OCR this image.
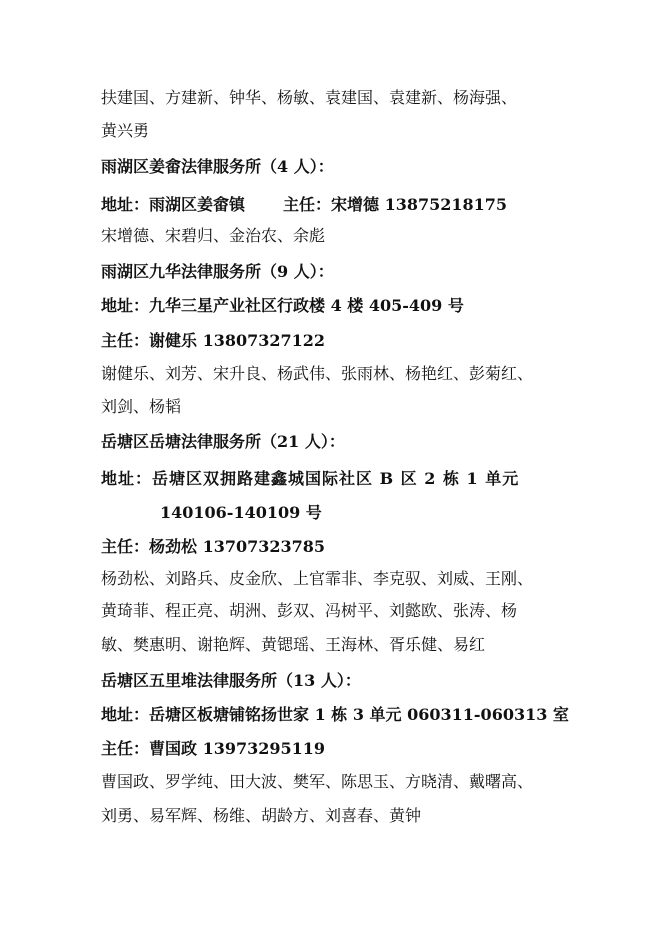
扶建国、方建新、钟华、杨敏、袁建国、袁建新、杨海强、
黄兴勇
雨湖区姜畲法律服务所（4 人）：
地址：雨湖区姜畲镇 主任：宋增德 13875218175
宋增德、宋碧归、金治农、余彪
雨湖区九华法律服务所（9 人）：
地址：九华三星产业社区行政楼 4 楼 405-409 号
主任：谢健乐 13807327122
谢健乐、刘芳、宋升良、杨武伟、张雨林、杨艳红、彭菊红、
刘剑、杨韬
岳塘区岳塘法律服务所（21 人）：
地址：岳塘区双拥路建鑫城国际社区 B 区 2 栋 1 单元
140106-140109 号
主任：杨劲松 13707323785
杨劲松、刘路兵、皮金欣、上官霏非、李克驭、刘威、王刚、
黄琦菲、程正亮、胡洲、彭双、冯树平、刘懿欧、张涛、杨
敏、樊惠明、谢艳辉、黄锶瑶、王海林、胥乐健、易红
岳塘区五里堆法律服务所（13 人）：
地址：岳塘区板塘铺铭扬世家 1 栋 3 单元 060311-060313 室
主任：曹国政 13973295119
曹国政、罗学纯、田大波、樊军、陈思玉、方晓清、戴曙高、
刘勇、易军辉、杨维、胡龄方、刘喜春、黄钟
